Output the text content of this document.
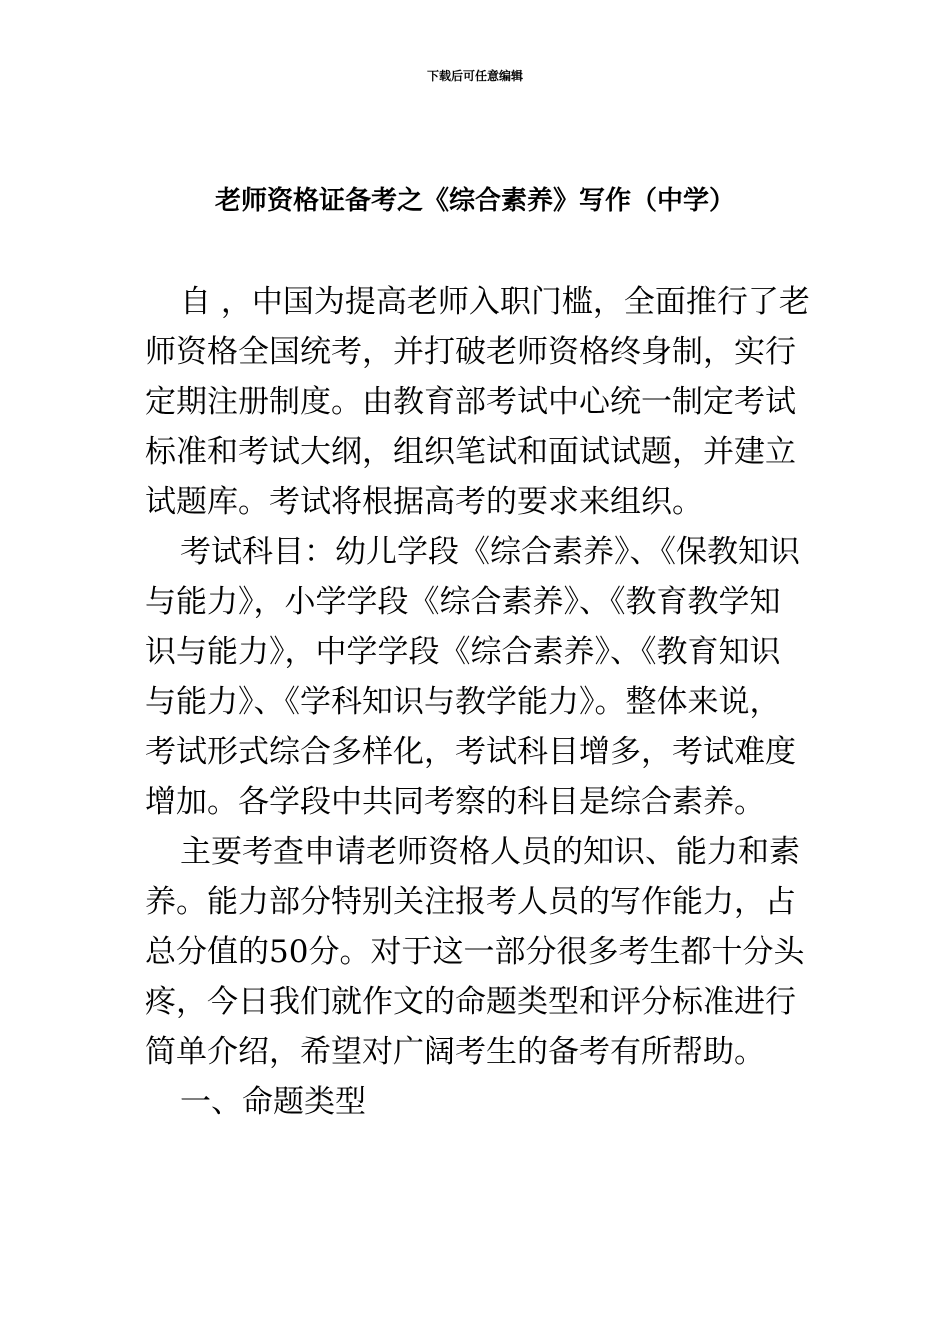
下载后可任意编辑
老师资格证备考之《综合素养》写作（中学）

自 ，中国为提高老师入职门槛，全面推行了老师资格全国统考，并打破老师资格终身制，实行定期注册制度。由教育部考试中心统一制定考试标准和考试大纲，组织笔试和面试试题，并建立试题库。考试将根据高考的要求来组织。

考试科目：幼儿学段《综合素养》、《保教知识与能力》，小学学段《综合素养》、《教育教学知识与能力》，中学学段《综合素养》、《教育知识与能力》、《学科知识与教学能力》。整体来说，考试形式综合多样化，考试科目增多，考试难度增加。各学段中共同考察的科目是综合素养。

主要考查申请老师资格人员的知识、能力和素养。能力部分特别关注报考人员的写作能力，占总分值的50分。对于这一部分很多考生都十分头疼，今日我们就作文的命题类型和评分标准进行简单介绍，希望对广阔考生的备考有所帮助。

一、命题类型
